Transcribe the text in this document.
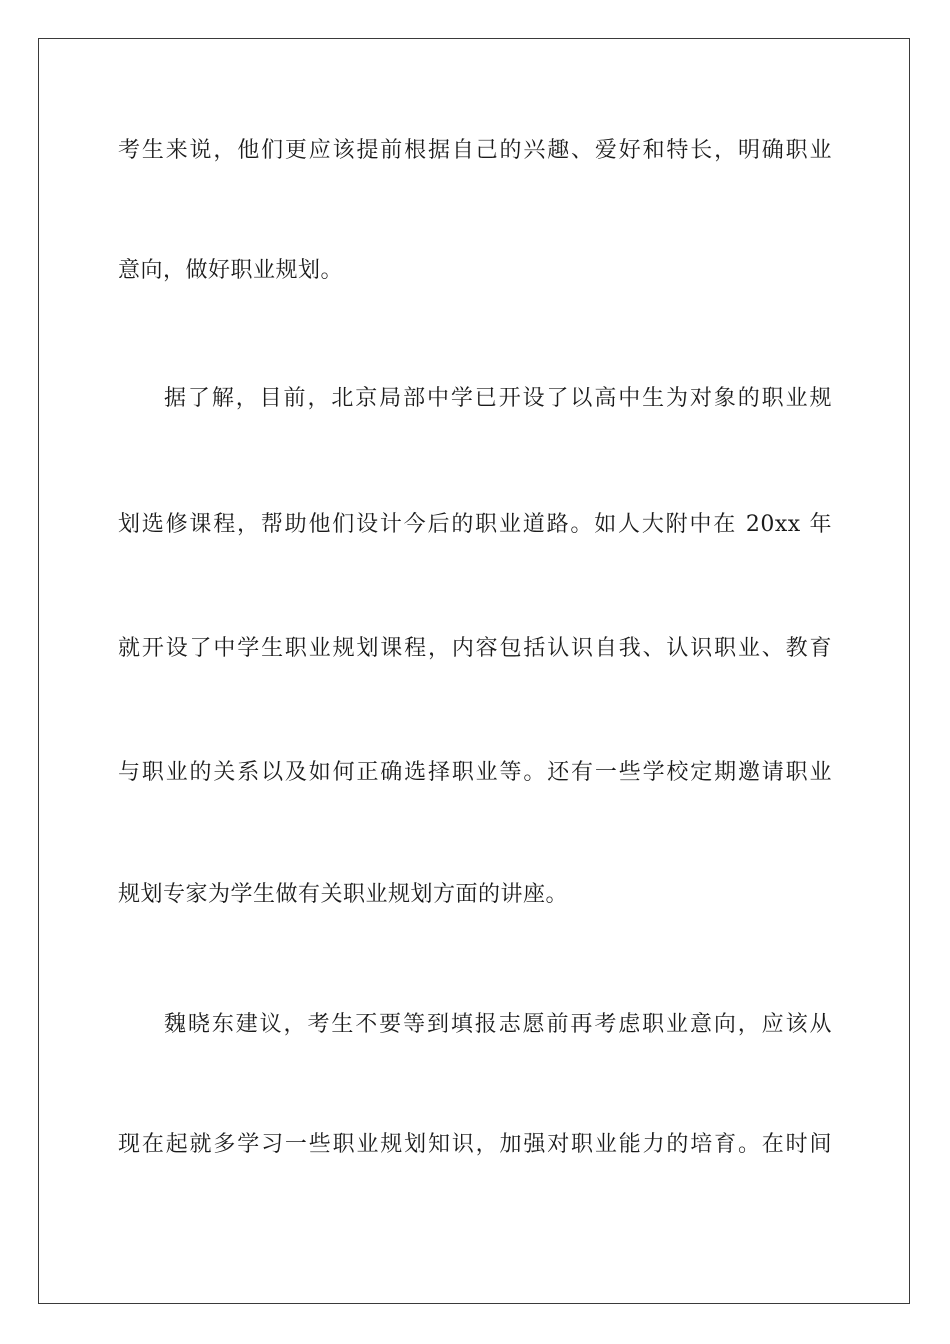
考生来说，他们更应该提前根据自己的兴趣、爱好和特长，明确职业
意向，做好职业规划。
据了解，目前，北京局部中学已开设了以高中生为对象的职业规
划选修课程，帮助他们设计今后的职业道路。如人大附中在 20xx 年
就开设了中学生职业规划课程，内容包括认识自我、认识职业、教育
与职业的关系以及如何正确选择职业等。还有一些学校定期邀请职业
规划专家为学生做有关职业规划方面的讲座。
魏晓东建议，考生不要等到填报志愿前再考虑职业意向，应该从
现在起就多学习一些职业规划知识，加强对职业能力的培育。在时间
